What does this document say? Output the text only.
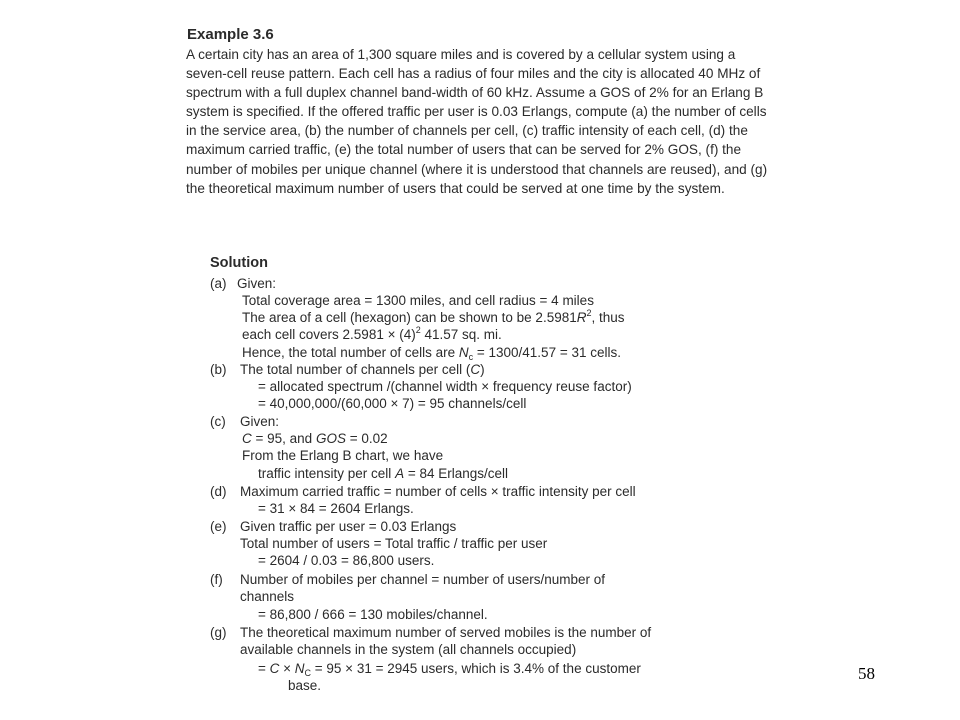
Example 3.6
A certain city has an area of 1,300 square miles and is covered by a cellular system using a seven-cell reuse pattern. Each cell has a radius of four miles and the city is allocated 40 MHz of spectrum with a full duplex channel band-width of 60 kHz. Assume a GOS of 2% for an Erlang B system is specified. If the offered traffic per user is 0.03 Erlangs, compute (a) the number of cells in the service area, (b) the number of channels per cell, (c) traffic intensity of each cell, (d) the maximum carried traffic, (e) the total number of users that can be served for 2% GOS, (f) the number of mobiles per unique channel (where it is understood that channels are reused), and (g) the theoretical maximum number of users that could be served at one time by the system.
Solution
(a) Given:
Total coverage area = 1300 miles, and cell radius = 4 miles
The area of a cell (hexagon) can be shown to be $2.5981R^2$, thus
each cell covers $2.5981 \times (4)^2$ 41.57 sq. mi.
Hence, the total number of cells are $N_c = 1300/41.57 = 31$ cells.
(b) The total number of channels per cell (C)
= allocated spectrum /(channel width × frequency reuse factor)
= 40,000,000/(60,000 × 7) = 95 channels/cell
(c) Given:
C = 95, and GOS = 0.02
From the Erlang B chart, we have
traffic intensity per cell A = 84 Erlangs/cell
(d) Maximum carried traffic = number of cells × traffic intensity per cell
= 31 × 84 = 2604 Erlangs.
(e) Given traffic per user = 0.03 Erlangs
Total number of users = Total traffic / traffic per user
= 2604 / 0.03 = 86,800 users.
(f) Number of mobiles per channel = number of users/number of
channels
= 86,800 / 666 = 130 mobiles/channel.
(g) The theoretical maximum number of served mobiles is the number of
available channels in the system (all channels occupied)
= $C \times N_C = 95 \times 31 = 2945$ users, which is 3.4% of the customer
base.
58
